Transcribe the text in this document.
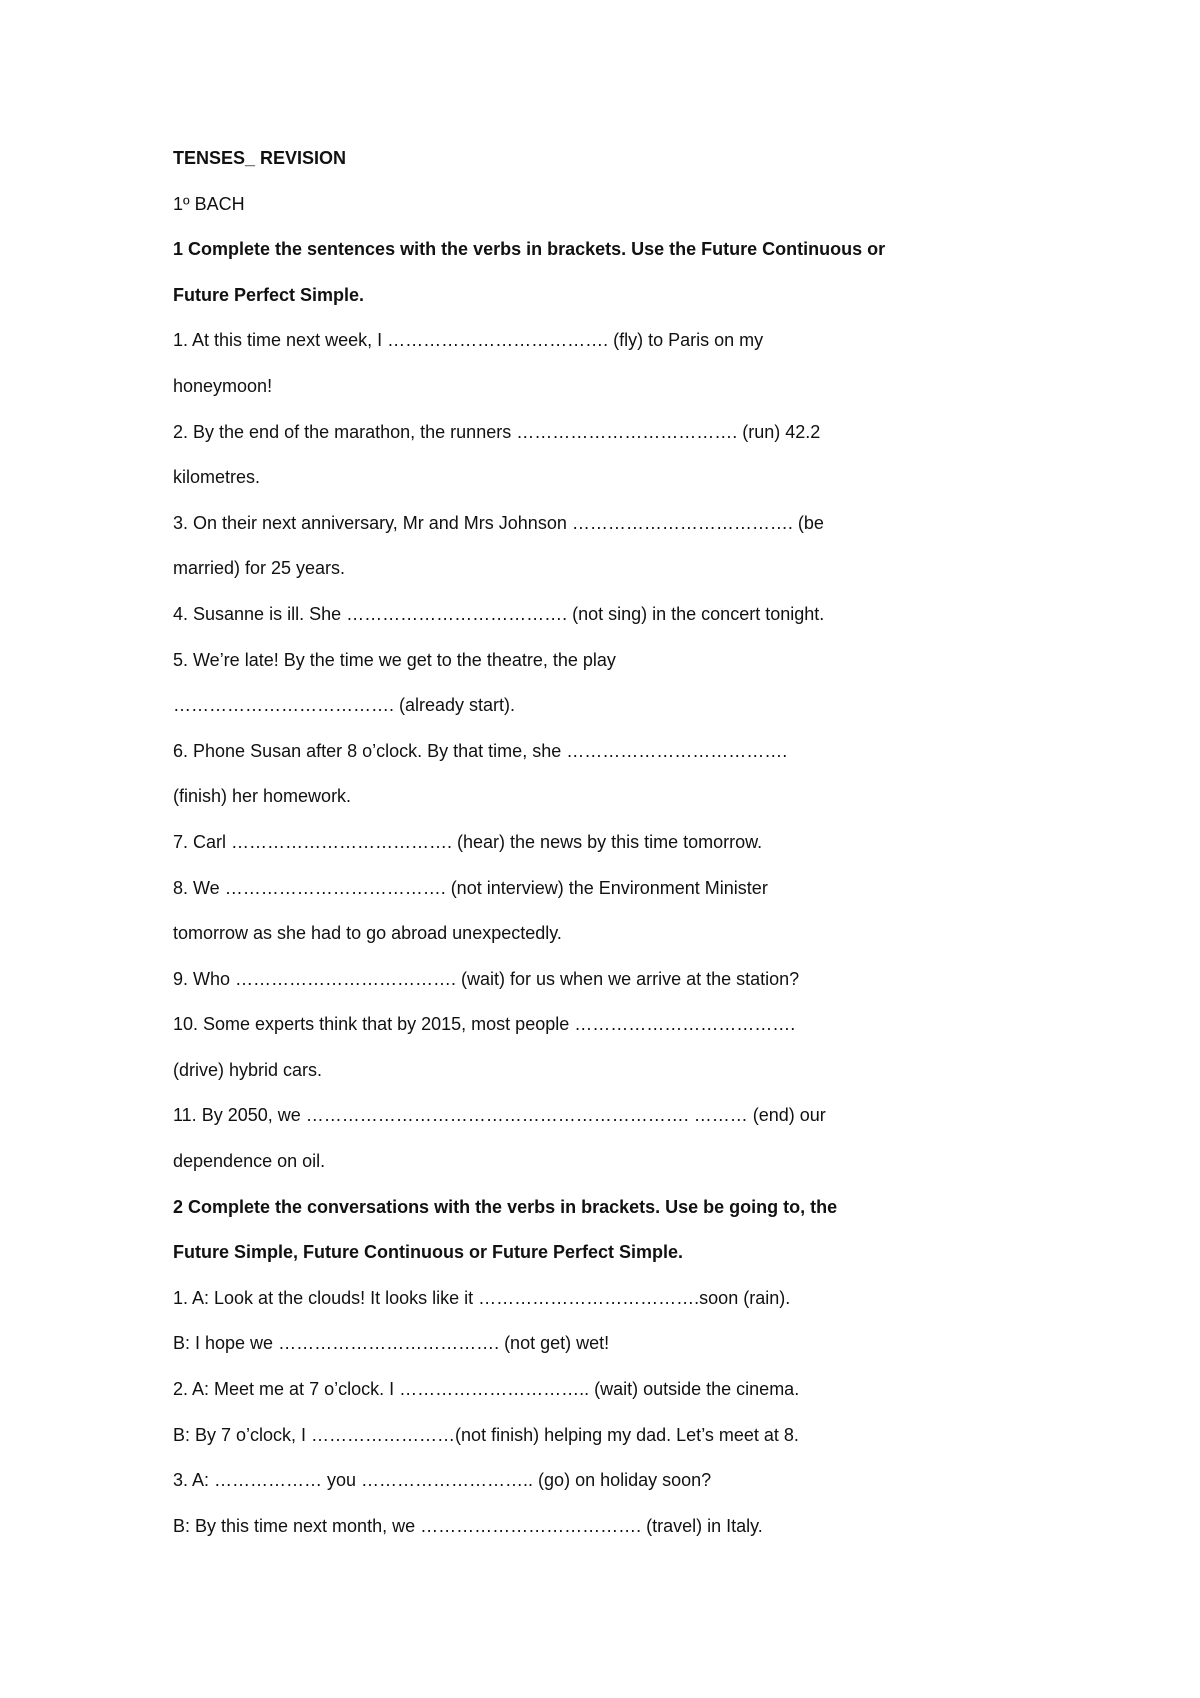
TENSES_ REVISION
1º BACH
1 Complete the sentences with the verbs in brackets. Use the Future Continuous or
Future Perfect Simple.
1. At this time next week, I ………………………………. (fly) to Paris on my
honeymoon!
2. By the end of the marathon, the runners ………………………………. (run) 42.2
kilometres.
3. On their next anniversary, Mr and Mrs Johnson ………………………………. (be
married) for 25 years.
4. Susanne is ill. She ………………………………. (not sing) in the concert tonight.
5. We’re late! By the time we get to the theatre, the play
………………………………. (already start).
6. Phone Susan after 8 o’clock. By that time, she ……………………………….
(finish) her homework.
7. Carl ………………………………. (hear) the news by this time tomorrow.
8. We ………………………………. (not interview) the Environment Minister
tomorrow as she had to go abroad unexpectedly.
9. Who ………………………………. (wait) for us when we arrive at the station?
10. Some experts think that by 2015, most people ……………………………….
(drive) hybrid cars.
11. By 2050, we ………………………………………………………. ……… (end) our
dependence on oil.
2 Complete the conversations with the verbs in brackets. Use be going to, the
Future Simple, Future Continuous or Future Perfect Simple.
1. A: Look at the clouds! It looks like it ……………………………….soon (rain).
B: I hope we ………………………………. (not get) wet!
2. A: Meet me at 7 o’clock. I ………………………….. (wait) outside the cinema.
B: By 7 o’clock, I ……………………(not finish) helping my dad. Let’s meet at 8.
3. A: ……………… you ……………………….. (go) on holiday soon?
B: By this time next month, we ………………………………. (travel) in Italy.
